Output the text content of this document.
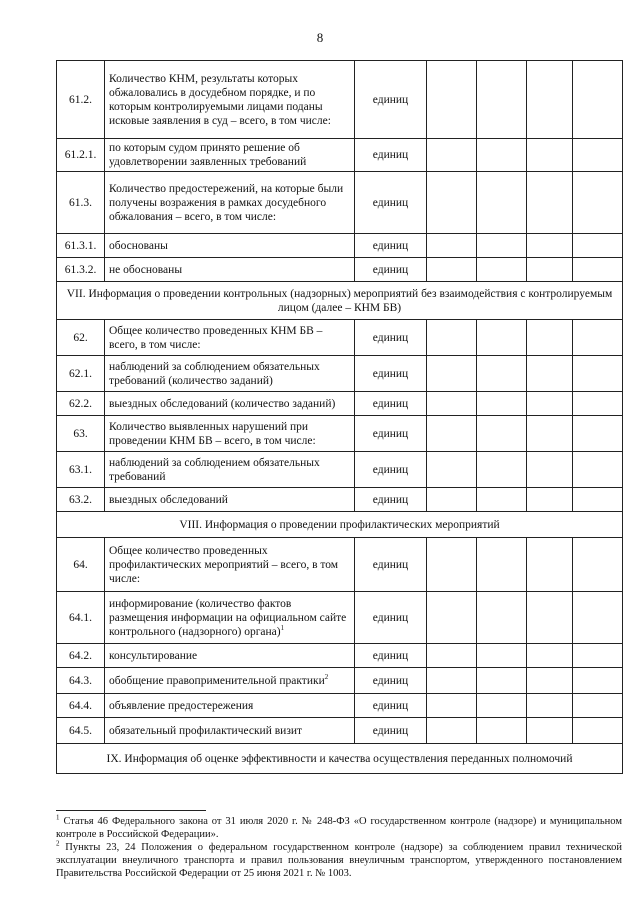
8
61.2.	Количество КНМ, результаты которых обжаловались в досудебном порядке, и по которым контролируемыми лицами поданы исковые заявления в суд – всего, в том числе:	единиц				
61.2.1.	по которым судом принято решение об удовлетворении заявленных требований	единиц				
61.3.	Количество предостережений, на которые были получены возражения в рамках досудебного обжалования – всего, в том числе:	единиц				
61.3.1.	обоснованы	единиц				
61.3.2.	не обоснованы	единиц				
VII. Информация о проведении контрольных (надзорных) мероприятий без взаимодействия с контролируемым лицом (далее – КНМ БВ)						
62.	Общее количество проведенных КНМ БВ – всего, в том числе:	единиц				
62.1.	наблюдений за соблюдением обязательных требований (количество заданий)	единиц				
62.2.	выездных обследований (количество заданий)	единиц				
63.	Количество выявленных нарушений при проведении КНМ БВ – всего, в том числе:	единиц				
63.1.	наблюдений за соблюдением обязательных требований	единиц				
63.2.	выездных обследований	единиц				
VIII. Информация о проведении профилактических мероприятий						
64.	Общее количество проведенных профилактических мероприятий – всего, в том числе:	единиц				
64.1.	информирование (количество фактов размещения информации на официальном сайте контрольного (надзорного) органа)$^1$	единиц				
64.2.	консультирование	единиц				
64.3.	обобщение правоприменительной практики$^2$	единиц				
64.4.	объявление предостережения	единиц				
64.5.	обязательный профилактический визит	единиц				
IX. Информация об оценке эффективности и качества осуществления переданных полномочий						

$^1$ Статья 46 Федерального закона от 31 июля 2020 г. № 248-ФЗ «О государственном контроле (надзоре) и муниципальном контроле в Российской Федерации».

$^2$ Пункты 23, 24 Положения о федеральном государственном контроле (надзоре) за соблюдением правил технической эксплуатации внеуличного транспорта и правил пользования внеуличным транспортом, утвержденного постановлением Правительства Российской Федерации от 25 июня 2021 г. № 1003.
